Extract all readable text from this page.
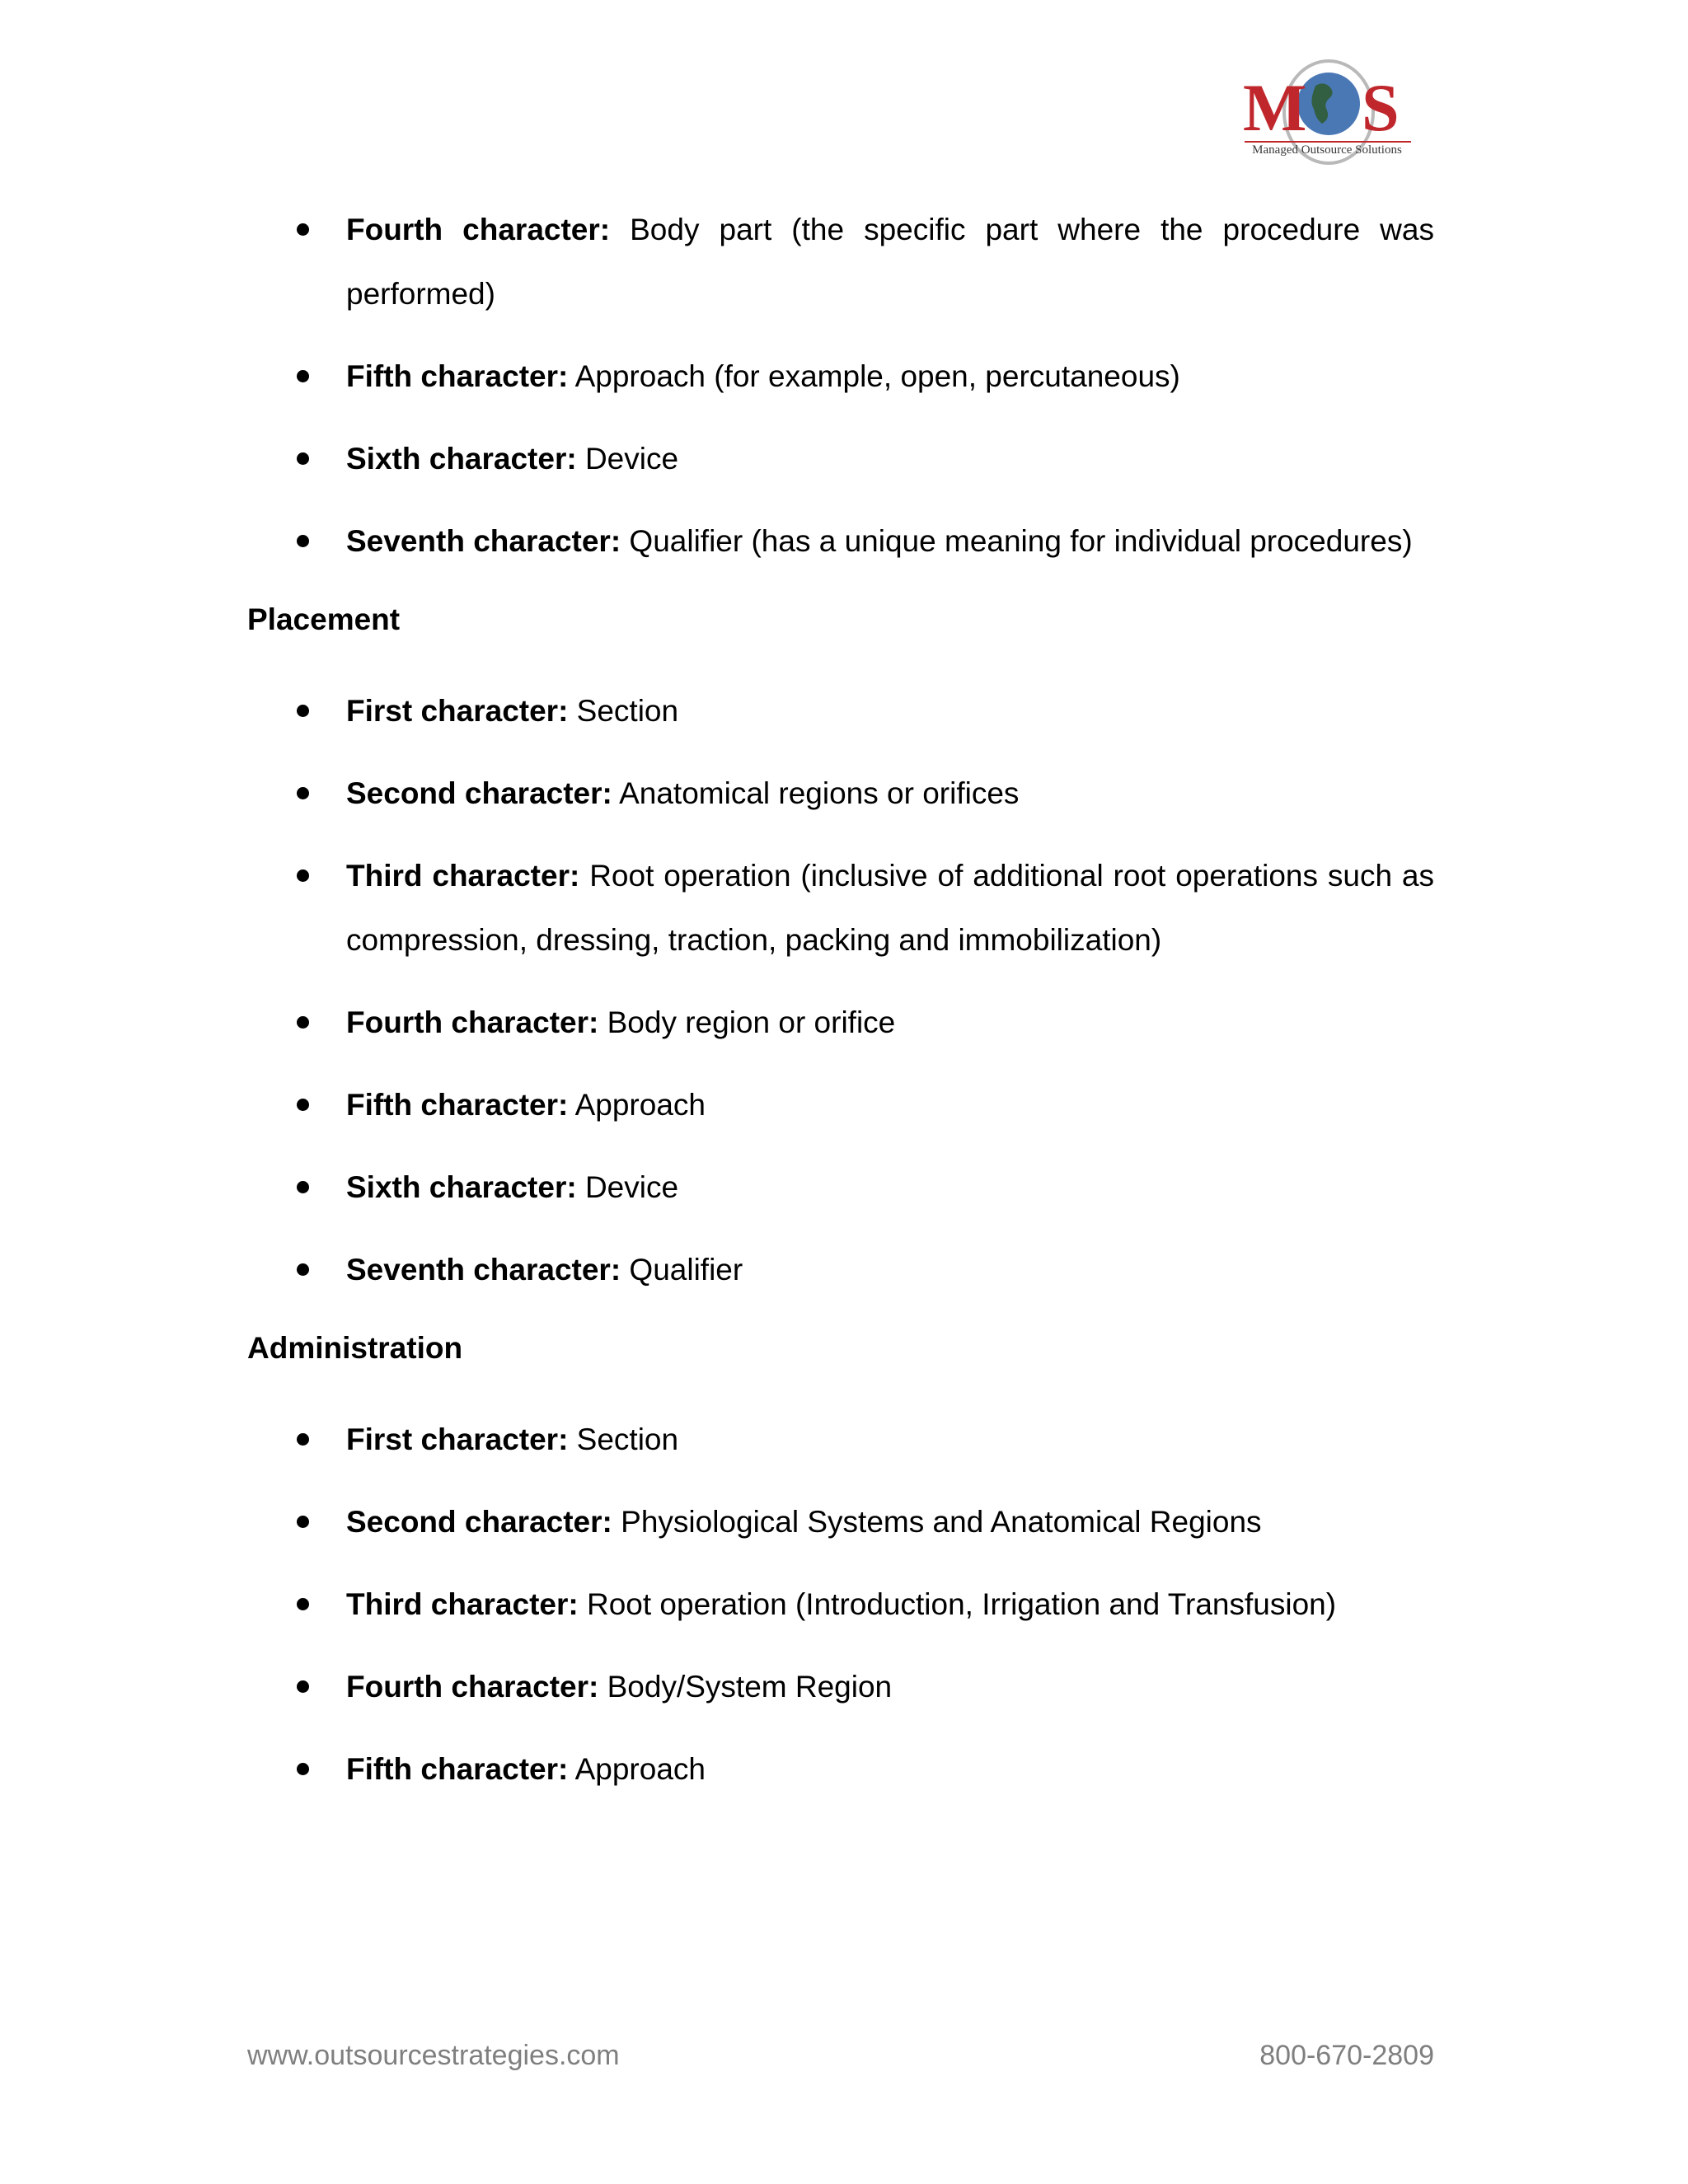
M S
Managed Outsource Solutions
Fourth character: Body part (the specific part where the procedure was performed)
Fifth character: Approach (for example, open, percutaneous)
Sixth character: Device
Seventh character: Qualifier (has a unique meaning for individual procedures)
Placement
First character: Section
Second character: Anatomical regions or orifices
Third character: Root operation (inclusive of additional root operations such as compression, dressing, traction, packing and immobilization)
Fourth character: Body region or orifice
Fifth character: Approach
Sixth character: Device
Seventh character: Qualifier
Administration
First character: Section
Second character: Physiological Systems and Anatomical Regions
Third character: Root operation (Introduction, Irrigation and Transfusion)
Fourth character: Body/System Region
Fifth character: Approach
www.outsourcestrategies.com	800-670-2809
